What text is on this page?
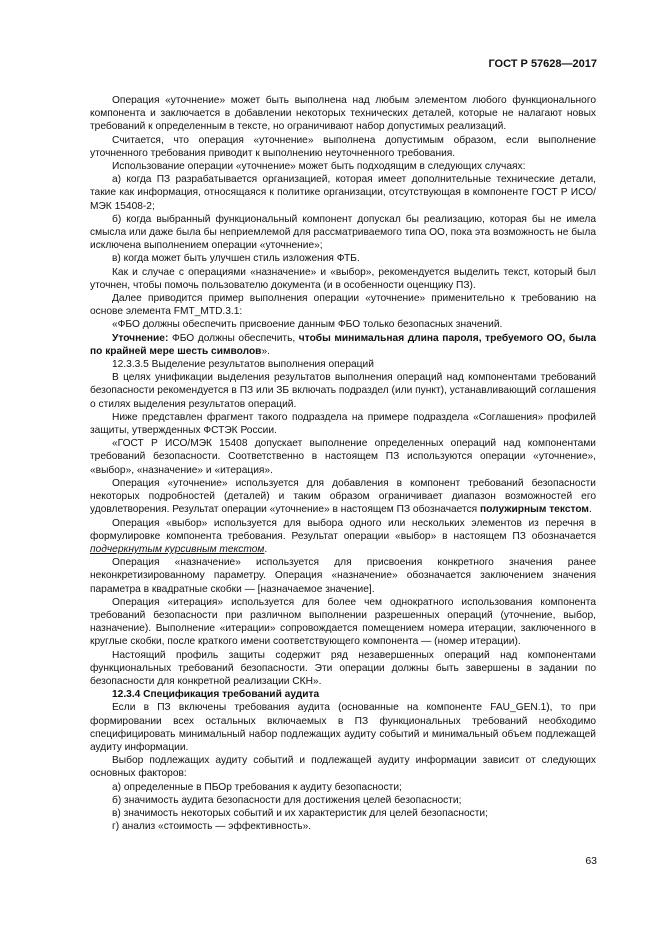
ГОСТ Р 57628—2017

Операция «уточнение» может быть выполнена над любым элементом любого функционального компонента и заключается в добавлении некоторых технических деталей, которые не налагают новых требований к определенным в тексте, но ограничивают набор допустимых реализаций.

Считается, что операция «уточнение» выполнена допустимым образом, если выполнение уточненного требования приводит к выполнению неуточненного требования.

Использование операции «уточнение» может быть подходящим в следующих случаях:

а) когда ПЗ разрабатывается организацией, которая имеет дополнительные технические детали, такие как информация, относящаяся к политике организации, отсутствующая в компоненте ГОСТ Р ИСО/МЭК 15408-2;

б) когда выбранный функциональный компонент допускал бы реализацию, которая бы не имела смысла или даже была бы неприемлемой для рассматриваемого типа ОО, пока эта возможность не была исключена выполнением операции «уточнение»;

в) когда может быть улучшен стиль изложения ФТБ.

Как и случае с операциями «назначение» и «выбор», рекомендуется выделить текст, который был уточнен, чтобы помочь пользователю документа (и в особенности оценщику ПЗ).

Далее приводится пример выполнения операции «уточнение» применительно к требованию на основе элемента FMT_MTD.3.1:

«ФБО должны обеспечить присвоение данным ФБО только безопасных значений.

Уточнение: ФБО должны обеспечить, чтобы минимальная длина пароля, требуемого ОО, была по крайней мере шесть символов».

12.3.3.5 Выделение результатов выполнения операций

В целях унификации выделения результатов выполнения операций над компонентами требований безопасности рекомендуется в ПЗ или ЗБ включать подраздел (или пункт), устанавливающий соглашения о стилях выделения результатов операций.

Ниже представлен фрагмент такого подраздела на примере подраздела «Соглашения» профилей защиты, утвержденных ФСТЭК России.

«ГОСТ Р ИСО/МЭК 15408 допускает выполнение определенных операций над компонентами требований безопасности. Соответственно в настоящем ПЗ используются операции «уточнение», «выбор», «назначение» и «итерация».

Операция «уточнение» используется для добавления в компонент требований безопасности некоторых подробностей (деталей) и таким образом ограничивает диапазон возможностей его удовлетворения. Результат операции «уточнение» в настоящем ПЗ обозначается полужирным текстом.

Операция «выбор» используется для выбора одного или нескольких элементов из перечня в формулировке компонента требования. Результат операции «выбор» в настоящем ПЗ обозначается подчеркнутым курсивным текстом.

Операция «назначение» используется для присвоения конкретного значения ранее неконкретизированному параметру. Операция «назначение» обозначается заключением значения параметра в квадратные скобки — [назначаемое значение].

Операция «итерация» используется для более чем однократного использования компонента требований безопасности при различном выполнении разрешенных операций (уточнение, выбор, назначение). Выполнение «итерации» сопровождается помещением номера итерации, заключенного в круглые скобки, после краткого имени соответствующего компонента — (номер итерации).

Настоящий профиль защиты содержит ряд незавершенных операций над компонентами функциональных требований безопасности. Эти операции должны быть завершены в задании по безопасности для конкретной реализации СКН».

12.3.4 Спецификация требований аудита

Если в ПЗ включены требования аудита (основанные на компоненте FAU_GEN.1), то при формировании всех остальных включаемых в ПЗ функциональных требований необходимо специфицировать минимальный набор подлежащих аудиту событий и минимальный объем подлежащей аудиту информации.

Выбор подлежащих аудиту событий и подлежащей аудиту информации зависит от следующих основных факторов:

а) определенные в ПБОр требования к аудиту безопасности;

б) значимость аудита безопасности для достижения целей безопасности;

в) значимость некоторых событий и их характеристик для целей безопасности;

г) анализ «стоимость — эффективность».

63
